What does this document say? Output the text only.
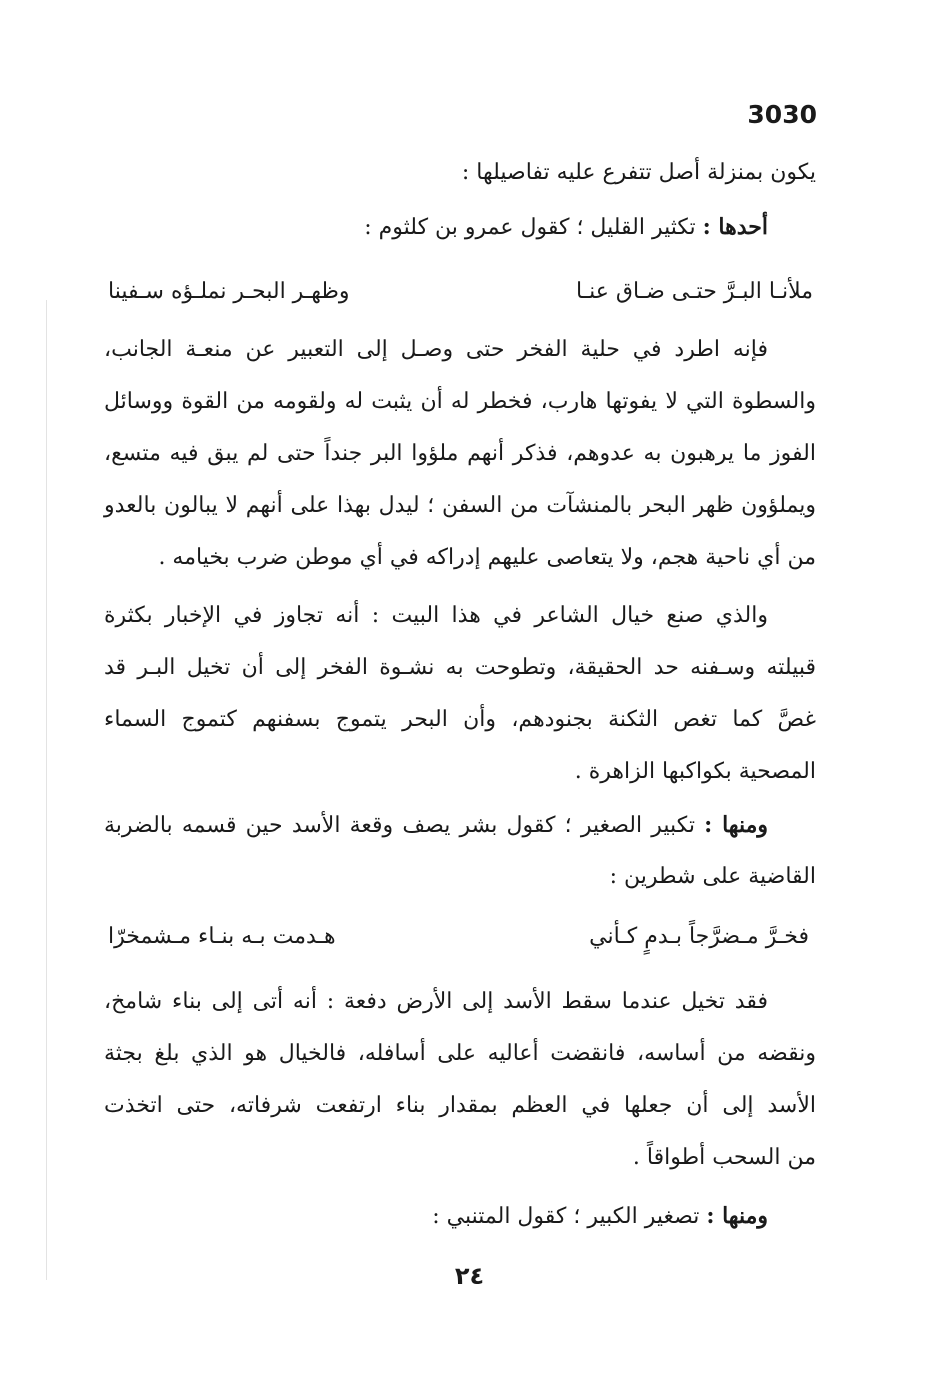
3030
يكون بمنزلة أصل تتفرع عليه تفاصيلها :
أحدها : تكثير القليل ؛ كقول عمرو بن كلثوم :
فإنه اطرد في حلية الفخر حتى وصـل إلى التعبير عن منعـة الجانب،
والسطوة التي لا يفوتها هارب، فخطر له أن يثبت له ولقومه من القوة ووسائل
الفوز ما يرهبون به عدوهم، فذكر أنهم ملؤوا البر جنداً حتى لم يبق فيه متسع،
ويملؤون ظهر البحر بالمنشآت من السفن ؛ ليدل بهذا على أنهم لا يبالون بالعدو
من أي ناحية هجم، ولا يتعاصى عليهم إدراكه في أي موطن ضرب بخيامه .
والذي صنع خيال الشاعر في هذا البيت : أنه تجاوز في الإخبار بكثرة
قبيلته وسـفنه حد الحقيقة، وتطوحت به نشـوة الفخر إلى أن تخيل البـر قد
غصَّ كما تغص الثكنة بجنودهم، وأن البحر يتموج بسفنهم كتموج السماء
المصحية بكواكبها الزاهرة .
ومنها : تكبير الصغير ؛ كقول بشر يصف وقعة الأسد حين قسمه بالضربة
القاضية على شطرين :
فقد تخيل عندما سقط الأسد إلى الأرض دفعة : أنه أتى إلى بناء شامخ،
ونقضه من أساسه، فانقضت أعاليه على أسافله، فالخيال هو الذي بلغ بجثة
الأسد إلى أن جعلها في العظم بمقدار بناء ارتفعت شرفاته، حتى اتخذت
من السحب أطواقاً .
ومنها : تصغير الكبير ؛ كقول المتنبي :
ملأنـا البـرَّ حتـى ضـاق عنـا
وظهـر البحـر نملـؤه سـفينا
فخـرَّ مـضرَّجاً بـدمٍ كـأني
هـدمت بـه بنـاء مـشمخرّا
٢٤
